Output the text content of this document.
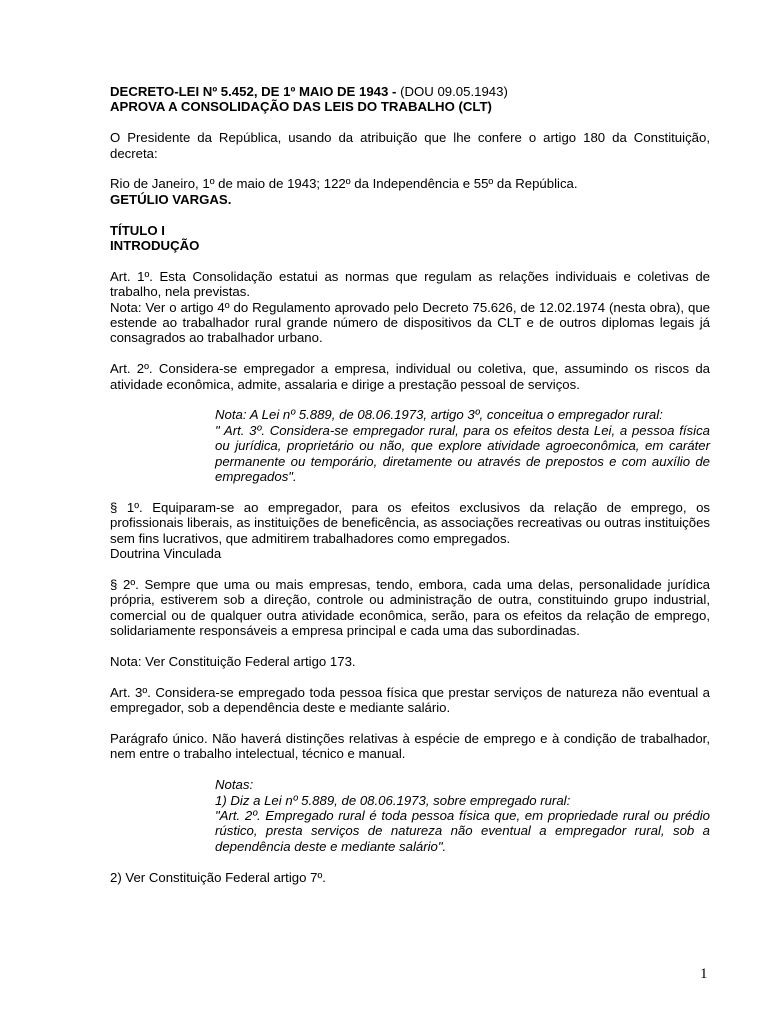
DECRETO-LEI Nº 5.452, DE 1º MAIO DE 1943 - (DOU 09.05.1943)

APROVA A CONSOLIDAÇÃO DAS LEIS DO TRABALHO (CLT)

O Presidente da República, usando da atribuição que lhe confere o artigo 180 da Constituição, decreta:

Rio de Janeiro, 1º de maio de 1943; 122º da Independência e 55º da República.

GETÚLIO VARGAS.

TÍTULO I

INTRODUÇÃO

Art. 1º. Esta Consolidação estatui as normas que regulam as relações individuais e coletivas de trabalho, nela previstas.

Nota: Ver o artigo 4º do Regulamento aprovado pelo Decreto 75.626, de 12.02.1974 (nesta obra), que estende ao trabalhador rural grande número de dispositivos da CLT e de outros diplomas legais já consagrados ao trabalhador urbano.

Art. 2º. Considera-se empregador a empresa, individual ou coletiva, que, assumindo os riscos da atividade econômica, admite, assalaria e dirige a prestação pessoal de serviços.

Nota: A Lei nº 5.889, de 08.06.1973, artigo 3º, conceitua o empregador rural:
" Art. 3º. Considera-se empregador rural, para os efeitos desta Lei, a pessoa física ou jurídica, proprietário ou não, que explore atividade agroeconômica, em caráter permanente ou temporário, diretamente ou através de prepostos e com auxílio de empregados".

§ 1º. Equiparam-se ao empregador, para os efeitos exclusivos da relação de emprego, os profissionais liberais, as instituições de beneficência, as associações recreativas ou outras instituições sem fins lucrativos, que admitirem trabalhadores como empregados.

Doutrina Vinculada

§ 2º. Sempre que uma ou mais empresas, tendo, embora, cada uma delas, personalidade jurídica própria, estiverem sob a direção, controle ou administração de outra, constituindo grupo industrial, comercial ou de qualquer outra atividade econômica, serão, para os efeitos da relação de emprego, solidariamente responsáveis a empresa principal e cada uma das subordinadas.

Nota: Ver Constituição Federal artigo 173.

Art. 3º. Considera-se empregado toda pessoa física que prestar serviços de natureza não eventual a empregador, sob a dependência deste e mediante salário.

Parágrafo único. Não haverá distinções relativas à espécie de emprego e à condição de trabalhador, nem entre o trabalho intelectual, técnico e manual.

Notas:
1) Diz a Lei nº 5.889, de 08.06.1973, sobre empregado rural:
"Art. 2º. Empregado rural é toda pessoa física que, em propriedade rural ou prédio rústico, presta serviços de natureza não eventual a empregador rural, sob a dependência deste e mediante salário".

2) Ver Constituição Federal artigo 7º.

1
